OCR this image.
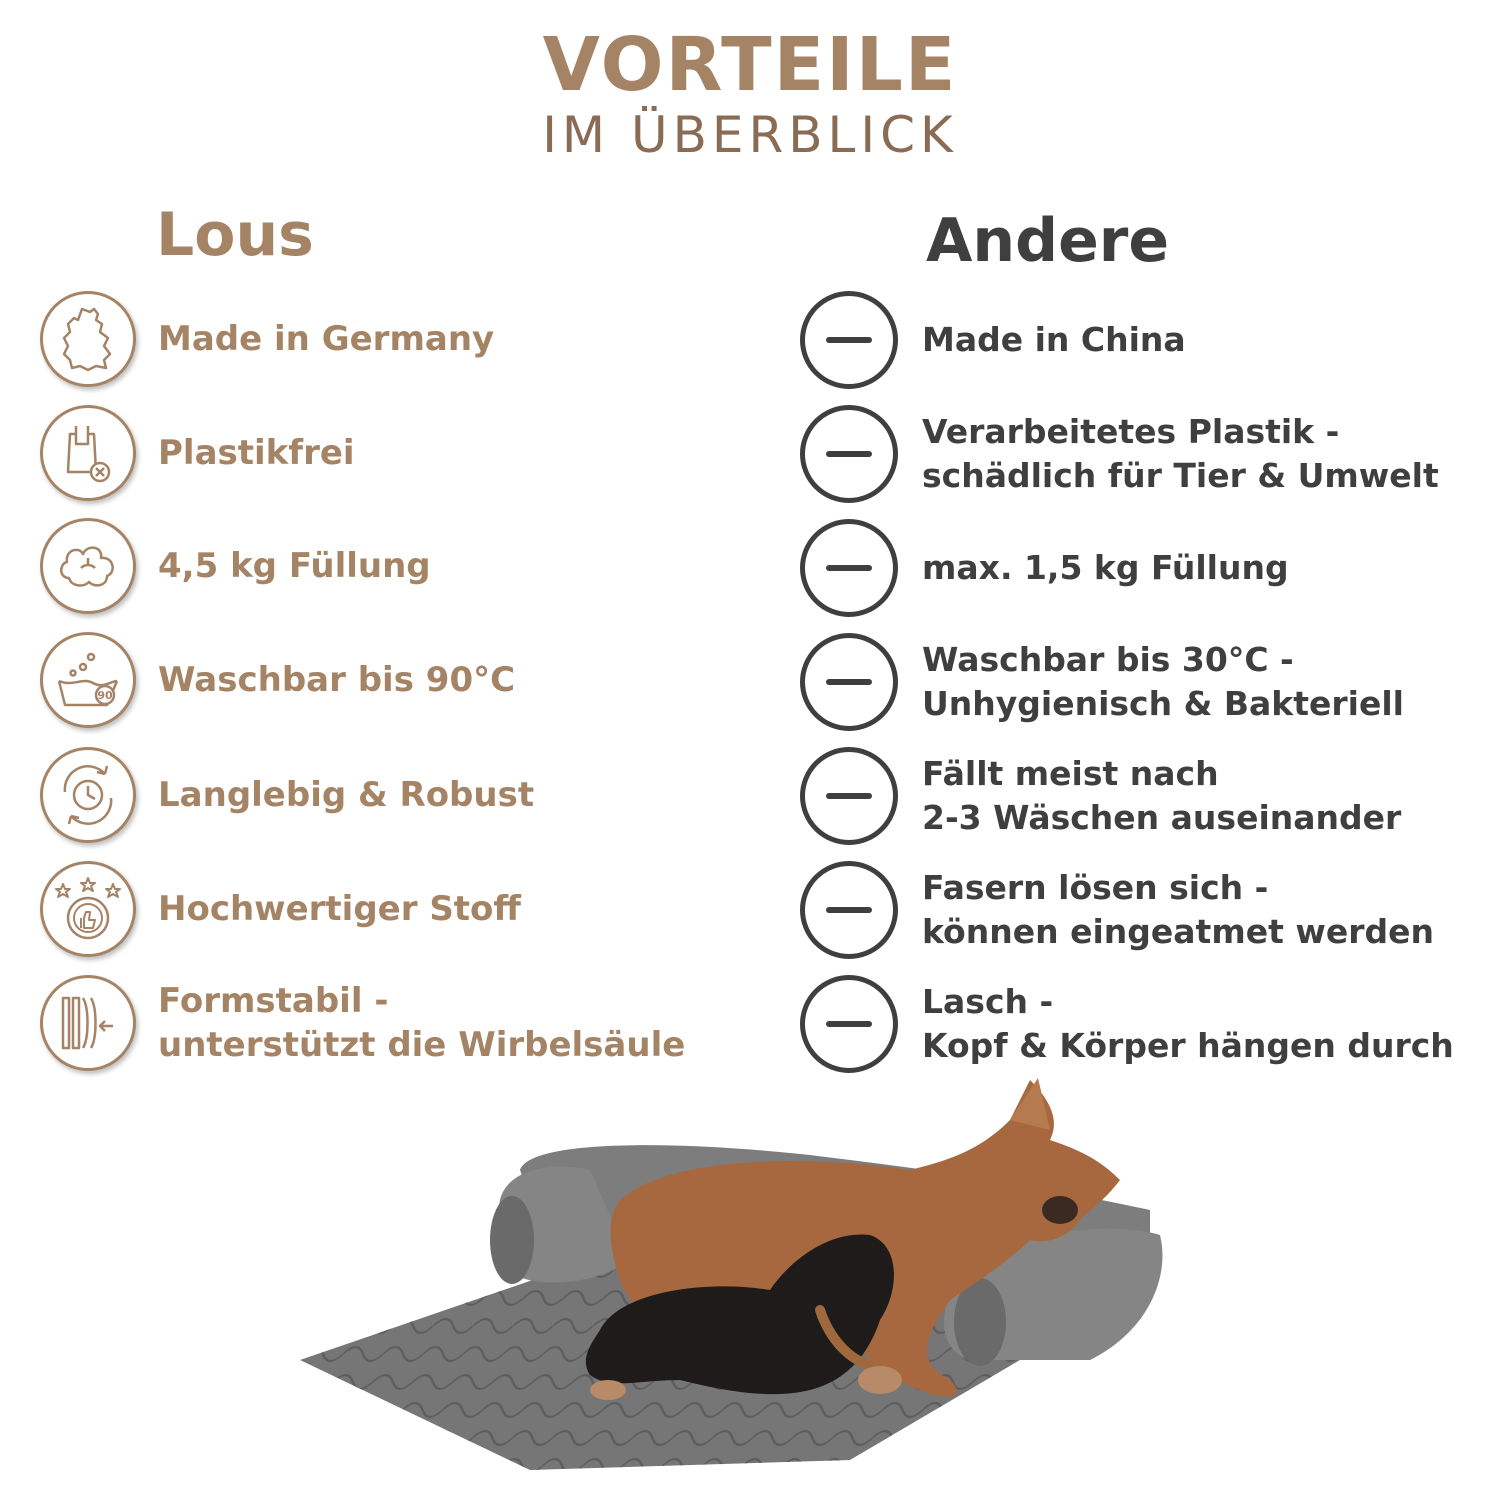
VORTEILE
IM ÜBERBLICK
Lous	Andere
Made in Germany
Plastikfrei
4,5 kg Füllung
90 Waschbar bis 90°C
Langlebig & Robust
Hochwertiger Stoff
Formstabil -
unterstützt die Wirbelsäule
Made in China
Verarbeitetes Plastik -
schädlich für Tier & Umwelt
max. 1,5 kg Füllung
Waschbar bis 30°C -
Unhygienisch & Bakteriell
Fällt meist nach
2-3 Wäschen auseinander
Fasern lösen sich -
können eingeatmet werden
Lasch -
Kopf & Körper hängen durch
